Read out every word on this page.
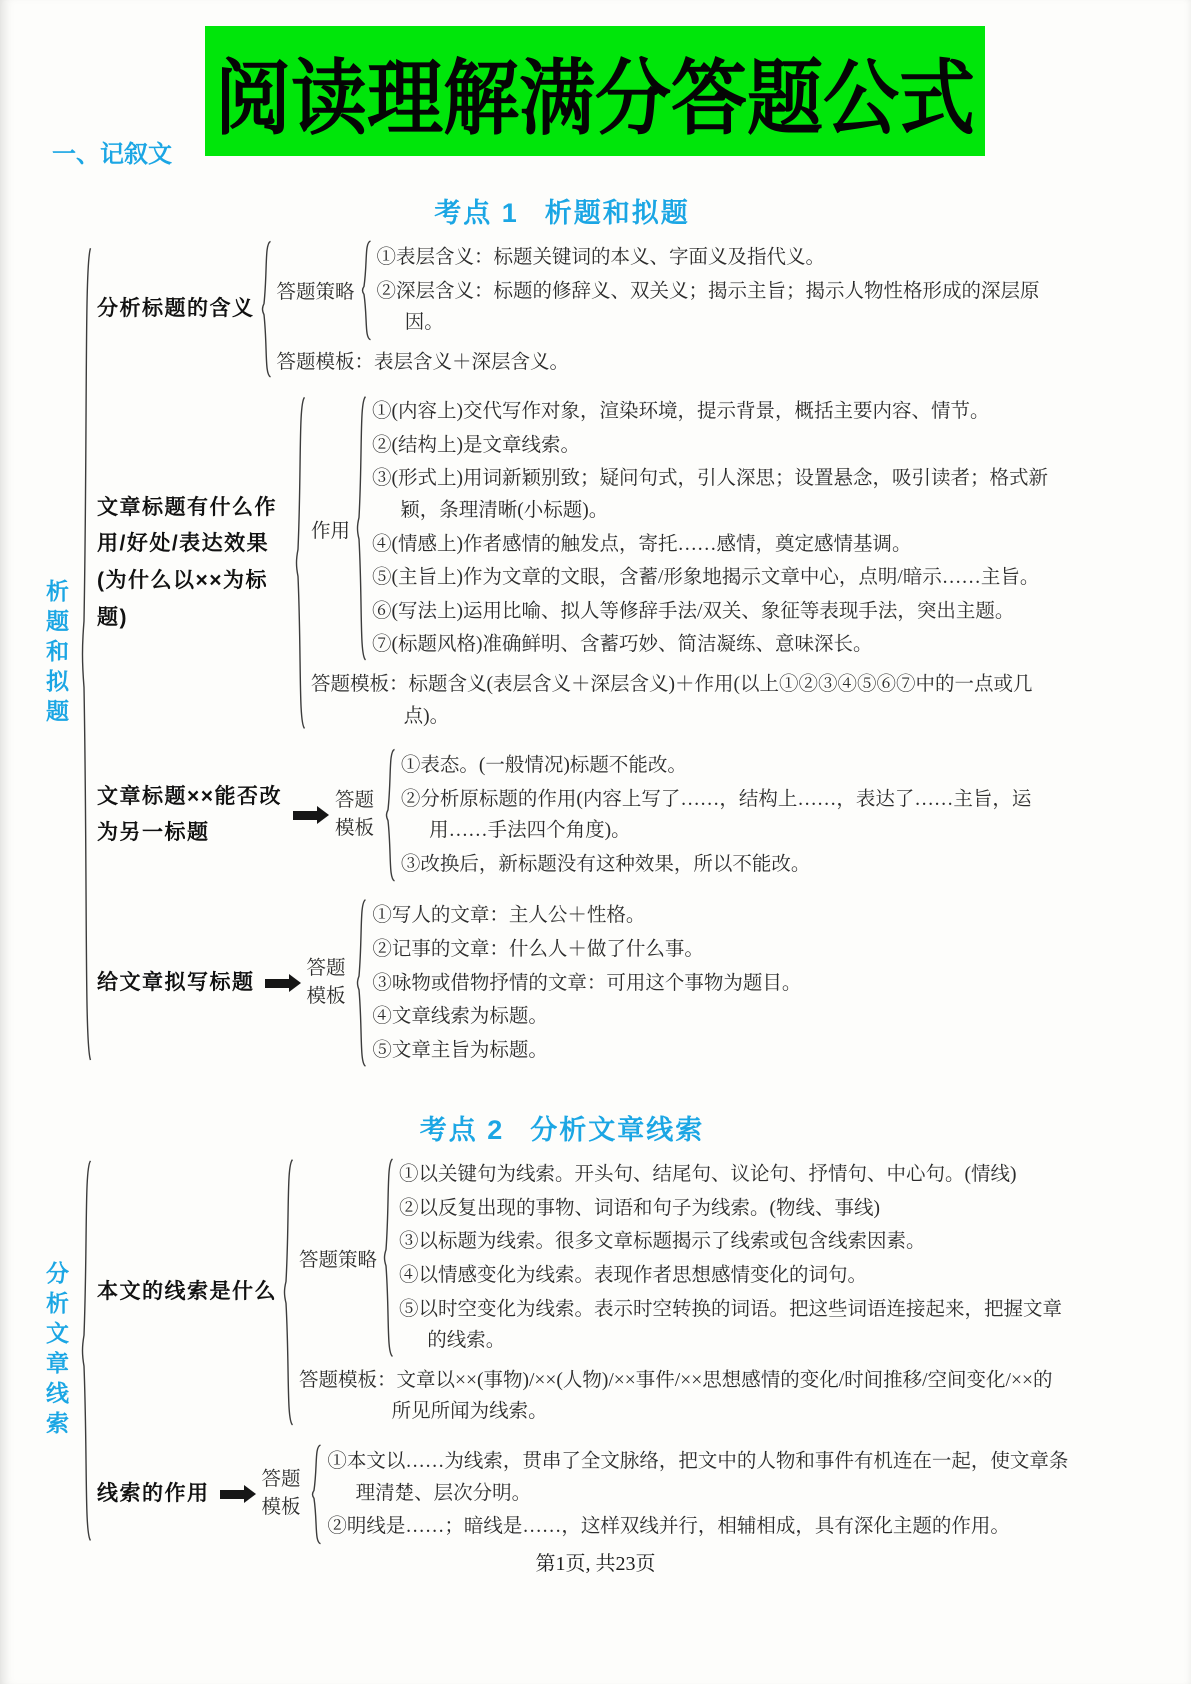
阅读理解满分答题公式
一、记叙文
考点 1 析题和拟题
析题和拟题
分析标题的含义
答题策略
①表层含义：标题关键词的本义、字面义及指代义。
②深层含义：标题的修辞义、双关义；揭示主旨；揭示人物性格形成的深层原因。
答题模板：表层含义＋深层含义。
文章标题有什么作用/好处/表达效果(为什么以××为标题)
作用
①(内容上)交代写作对象，渲染环境，提示背景，概括主要内容、情节。
②(结构上)是文章线索。
③(形式上)用词新颖别致；疑问句式，引人深思；设置悬念，吸引读者；格式新颖，条理清晰(小标题)。
④(情感上)作者感情的触发点，寄托……感情，奠定感情基调。
⑤(主旨上)作为文章的文眼，含蓄/形象地揭示文章中心，点明/暗示……主旨。
⑥(写法上)运用比喻、拟人等修辞手法/双关、象征等表现手法，突出主题。
⑦(标题风格)准确鲜明、含蓄巧妙、简洁凝练、意味深长。
答题模板：标题含义(表层含义＋深层含义)＋作用(以上①②③④⑤⑥⑦中的一点或几点)。
文章标题××能否改为另一标题
答题模板
①表态。(一般情况)标题不能改。
②分析原标题的作用(内容上写了……，结构上……，表达了……主旨，运用……手法四个角度)。
③改换后，新标题没有这种效果，所以不能改。
给文章拟写标题
答题模板
①写人的文章：主人公＋性格。
②记事的文章：什么人＋做了什么事。
③咏物或借物抒情的文章：可用这个事物为题目。
④文章线索为标题。
⑤文章主旨为标题。
考点 2 分析文章线索
分析文章线索 本文的线索是什么
答题策略
①以关键句为线索。开头句、结尾句、议论句、抒情句、中心句。(情线)
②以反复出现的事物、词语和句子为线索。(物线、事线)
③以标题为线索。很多文章标题揭示了线索或包含线索因素。
④以情感变化为线索。表现作者思想感情变化的词句。
⑤以时空变化为线索。表示时空转换的词语。把这些词语连接起来，把握文章的线索。
答题模板：文章以××(事物)/××(人物)/××事件/××思想感情的变化/时间推移/空间变化/××的所见所闻为线索。
线索的作用
答题模板
①本文以……为线索，贯串了全文脉络，把文中的人物和事件有机连在一起，使文章条理清楚、层次分明。
②明线是……；暗线是……，这样双线并行，相辅相成，具有深化主题的作用。
第1页, 共23页
